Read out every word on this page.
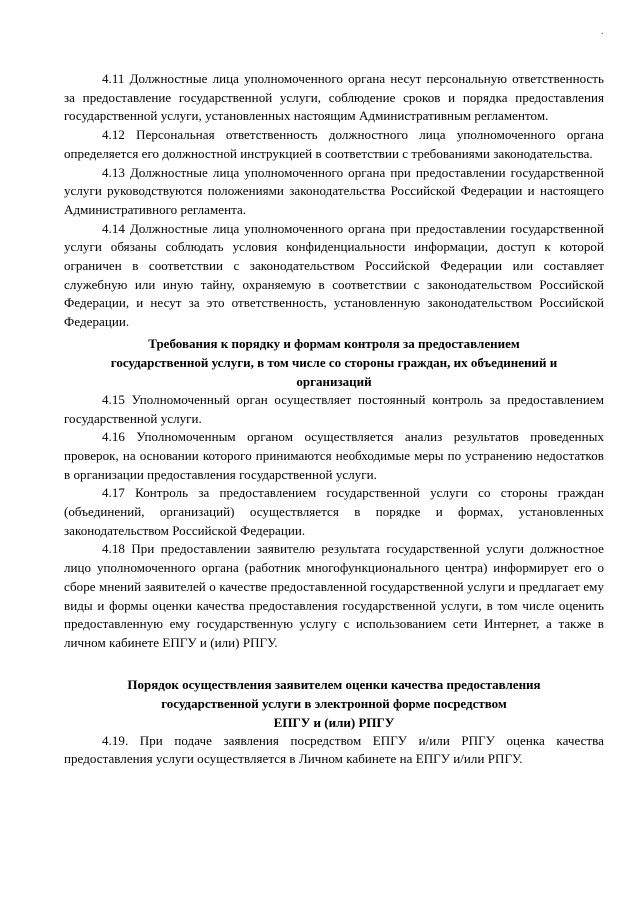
.

4.11 Должностные лица уполномоченного органа несут персональную ответственность за предоставление государственной услуги, соблюдение сроков и порядка предоставления государственной услуги, установленных настоящим Административным регламентом.

4.12 Персональная ответственность должностного лица уполномоченного органа определяется его должностной инструкцией в соответствии с требованиями законодательства.

4.13 Должностные лица уполномоченного органа при предоставлении государственной услуги руководствуются положениями законодательства Российской Федерации и настоящего Административного регламента.

4.14 Должностные лица уполномоченного органа при предоставлении государственной услуги обязаны соблюдать условия конфиденциальности информации, доступ к которой ограничен в соответствии с законодательством Российской Федерации или составляет служебную или иную тайну, охраняемую в соответствии с законодательством Российской Федерации, и несут за это ответственность, установленную законодательством Российской Федерации.

Требования к порядку и формам контроля за предоставлением

государственной услуги, в том числе со стороны граждан, их объединений и

организаций

4.15 Уполномоченный орган осуществляет постоянный контроль за предоставлением государственной услуги.

4.16 Уполномоченным органом осуществляется анализ результатов проведенных проверок, на основании которого принимаются необходимые меры по устранению недостатков в организации предоставления государственной услуги.

4.17 Контроль за предоставлением государственной услуги со стороны граждан (объединений, организаций) осуществляется в порядке и формах, установленных законодательством Российской Федерации.

4.18 При предоставлении заявителю результата государственной услуги должностное лицо уполномоченного органа (работник многофункционального центра) информирует его о сборе мнений заявителей о качестве предоставленной государственной услуги и предлагает ему виды и формы оценки качества предоставления государственной услуги, в том числе оценить предоставленную ему государственную услугу с использованием сети Интернет, а также в личном кабинете ЕПГУ и (или) РПГУ.

Порядок осуществления заявителем оценки качества предоставления

государственной услуги в электронной форме посредством

ЕПГУ и (или) РПГУ

4.19. При подаче заявления посредством ЕПГУ и/или РПГУ оценка качества предоставления услуги осуществляется в Личном кабинете на ЕПГУ и/или РПГУ.
